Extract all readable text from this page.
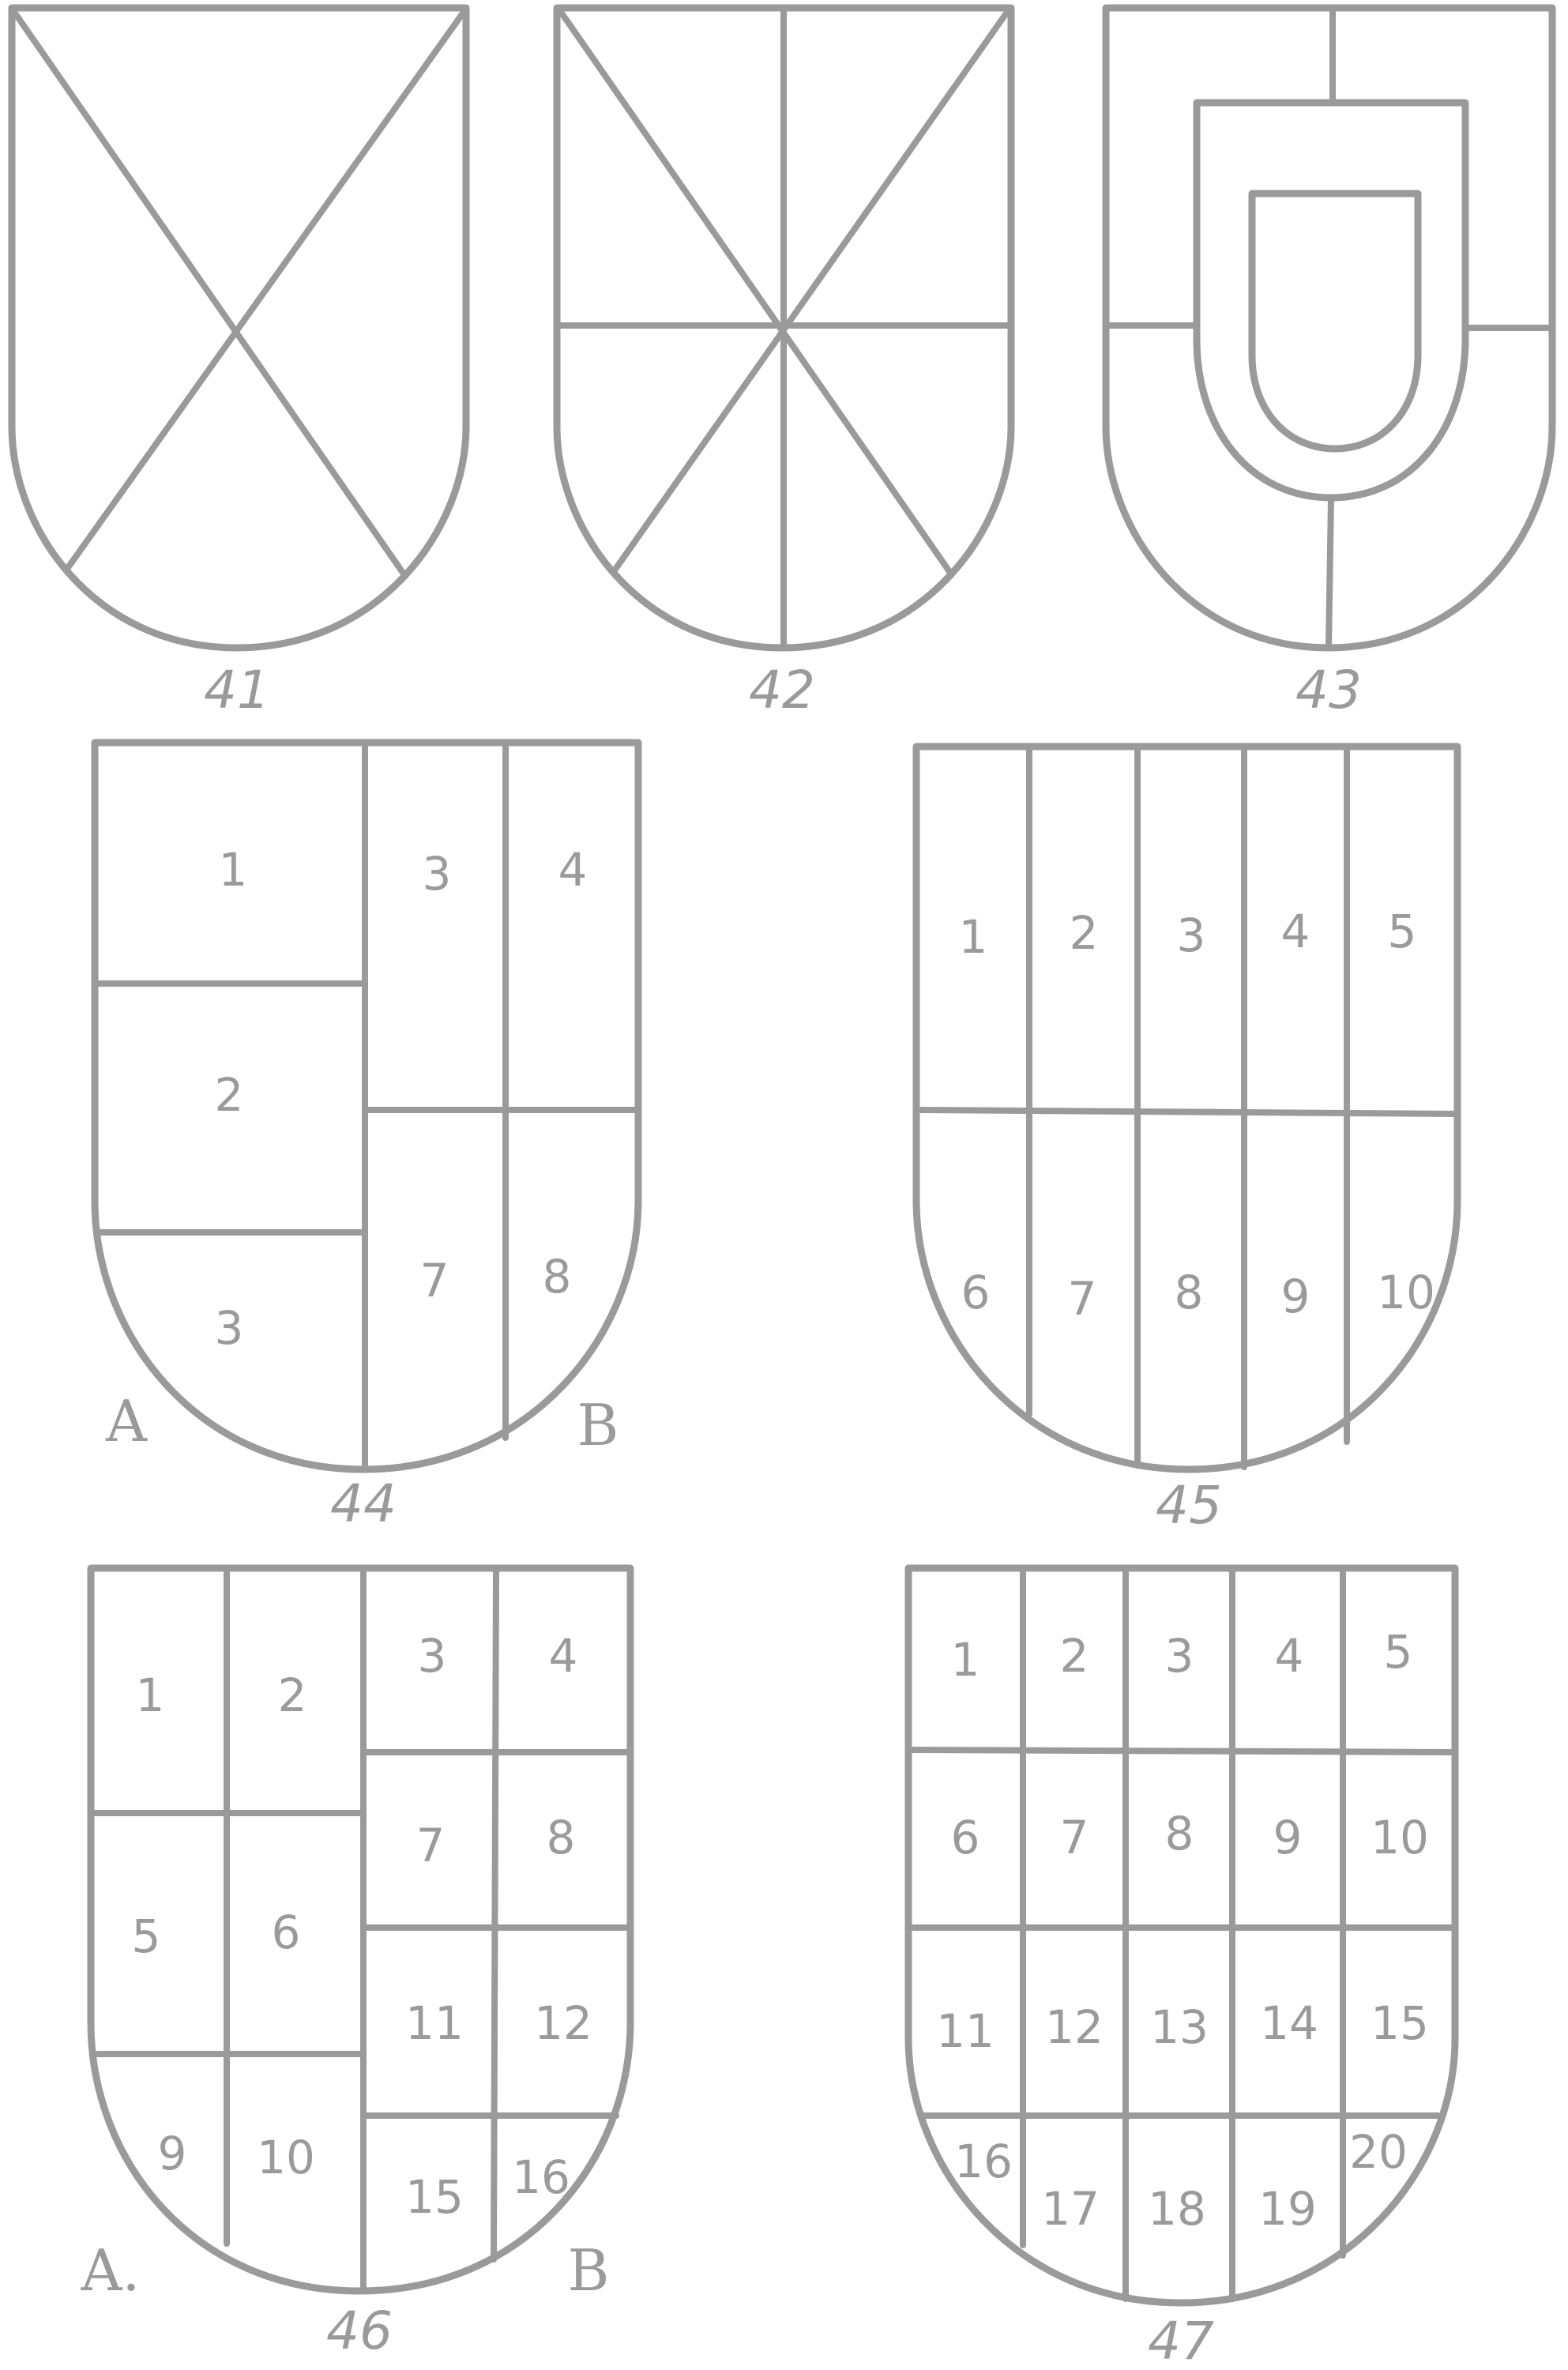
41	42	43
1
2
3
3 4
7 8
A	B
44
1 2 3 4 5
6 7 8 9 10
45
1 2
3 4
5 6
7 8
9 10
11 12
15 16
A.	B
46
1 2 3 4 5
6 7 8 9 10
11 12 13 14 15
16
17 18 19
20
47
